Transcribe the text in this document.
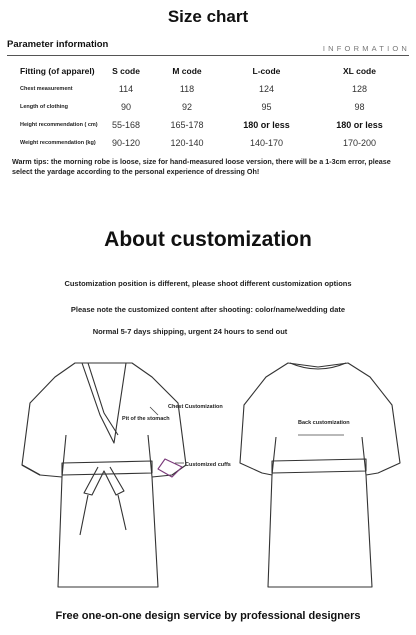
Size chart
Parameter information	INFORMATION
Fitting (of apparel)	S code	M code	L-code	XL code
Chest measurement	114	118	124	128
Length of clothing	90	92	95	98
Height recommendation ( cm)	55-168	165-178	180 or less	180 or less
Weight recommendation (kg)	90-120	120-140	140-170	170-200
Warm tips: the morning robe is loose, size for hand-measured loose version, there will be a 1-3cm error, please select the yardage according to the personal experience of dressing Oh!
About customization
Customization position is different, please shoot different customization options
Please note the customized content after shooting: color/name/wedding date
Normal 5-7 days shipping, urgent 24 hours to send out
Chest Customization
Pit of the stomach
Customized cuffs
Back customization
Free one-on-one design service by professional designers
